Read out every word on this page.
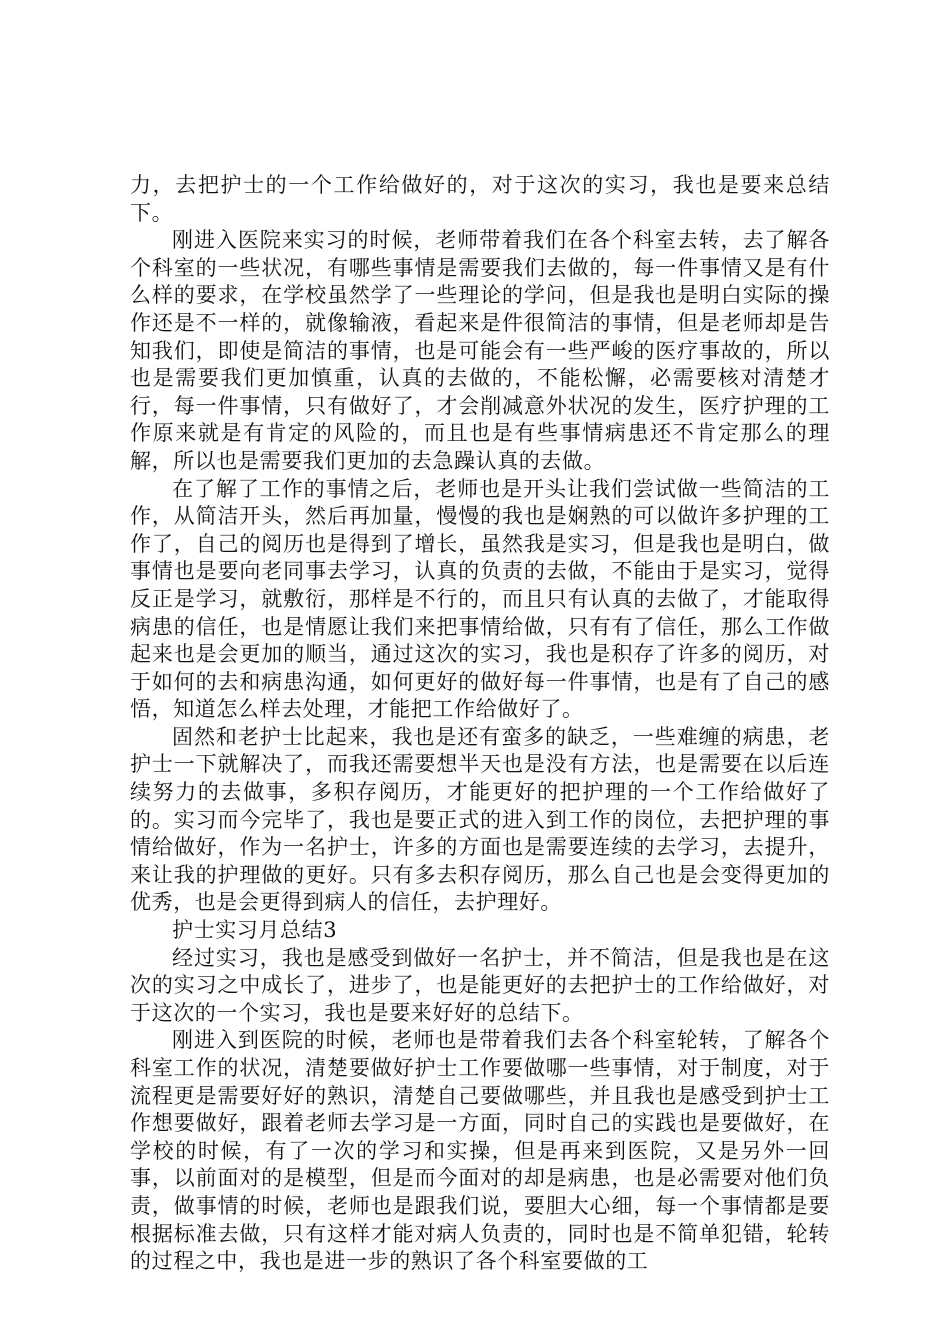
力，去把护士的一个工作给做好的，对于这次的实习，我也是要来总结下。

刚进入医院来实习的时候，老师带着我们在各个科室去转，去了解各个科室的一些状况，有哪些事情是需要我们去做的，每一件事情又是有什么样的要求，在学校虽然学了一些理论的学问，但是我也是明白实际的操作还是不一样的，就像输液，看起来是件很简洁的事情，但是老师却是告知我们，即使是简洁的事情，也是可能会有一些严峻的医疗事故的，所以也是需要我们更加慎重，认真的去做的，不能松懈，必需要核对清楚才行，每一件事情，只有做好了，才会削减意外状况的发生，医疗护理的工作原来就是有肯定的风险的，而且也是有些事情病患还不肯定那么的理解，所以也是需要我们更加的去急躁认真的去做。

在了解了工作的事情之后，老师也是开头让我们尝试做一些简洁的工作，从简洁开头，然后再加量，慢慢的我也是娴熟的可以做许多护理的工作了，自己的阅历也是得到了增长，虽然我是实习，但是我也是明白，做事情也是要向老同事去学习，认真的负责的去做，不能由于是实习，觉得反正是学习，就敷衍，那样是不行的，而且只有认真的去做了，才能取得病患的信任，也是情愿让我们来把事情给做，只有有了信任，那么工作做起来也是会更加的顺当，通过这次的实习，我也是积存了许多的阅历，对于如何的去和病患沟通，如何更好的做好每一件事情，也是有了自己的感悟，知道怎么样去处理，才能把工作给做好了。

固然和老护士比起来，我也是还有蛮多的缺乏，一些难缠的病患，老护士一下就解决了，而我还需要想半天也是没有方法，也是需要在以后连续努力的去做事，多积存阅历，才能更好的把护理的一个工作给做好了的。实习而今完毕了，我也是要正式的进入到工作的岗位，去把护理的事情给做好，作为一名护士，许多的方面也是需要连续的去学习，去提升，来让我的护理做的更好。只有多去积存阅历，那么自己也是会变得更加的优秀，也是会更得到病人的信任，去护理好。

护士实习月总结3

经过实习，我也是感受到做好一名护士，并不简洁，但是我也是在这次的实习之中成长了，进步了，也是能更好的去把护士的工作给做好，对于这次的一个实习，我也是要来好好的总结下。

刚进入到医院的时候，老师也是带着我们去各个科室轮转，了解各个科室工作的状况，清楚要做好护士工作要做哪一些事情，对于制度，对于流程更是需要好好的熟识，清楚自己要做哪些，并且我也是感受到护士工作想要做好，跟着老师去学习是一方面，同时自己的实践也是要做好，在学校的时候，有了一次的学习和实操，但是再来到医院，又是另外一回事，以前面对的是模型，但是而今面对的却是病患，也是必需要对他们负责，做事情的时候，老师也是跟我们说，要胆大心细，每一个事情都是要根据标准去做，只有这样才能对病人负责的，同时也是不简单犯错，轮转的过程之中，我也是进一步的熟识了各个科室要做的工
